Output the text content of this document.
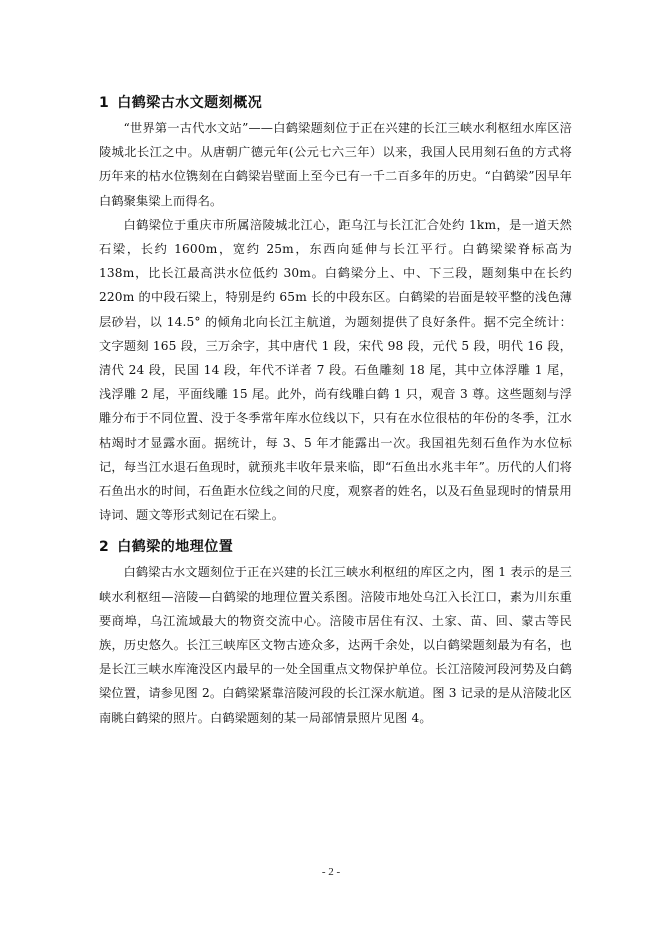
1 白鹤梁古水文题刻概况

“世界第一古代水文站”——白鹤梁题刻位于正在兴建的长江三峡水利枢纽水库区涪陵城北长江之中。从唐朝广德元年(公元七六三年）以来，我国人民用刻石鱼的方式将历年来的枯水位镌刻在白鹤梁岩壁面上至今已有一千二百多年的历史。“白鹤梁”因早年白鹤聚集梁上而得名。

白鹤梁位于重庆市所属涪陵城北江心，距乌江与长江汇合处约 1km，是一道天然石梁，长约 1600m，宽约 25m，东西向延伸与长江平行。白鹤梁梁脊标高为 138m，比长江最高洪水位低约 30m。白鹤梁分上、中、下三段，题刻集中在长约 220m 的中段石梁上，特别是约 65m 长的中段东区。白鹤梁的岩面是较平整的浅色薄层砂岩，以 14.5° 的倾角北向长江主航道，为题刻提供了良好条件。据不完全统计：文字题刻 165 段，三万余字，其中唐代 1 段，宋代 98 段，元代 5 段，明代 16 段，清代 24 段，民国 14 段，年代不详者 7 段。石鱼雕刻 18 尾，其中立体浮雕 1 尾，浅浮雕 2 尾，平面线雕 15 尾。此外，尚有线雕白鹤 1 只，观音 3 尊。这些题刻与浮雕分布于不同位置、没于冬季常年库水位线以下，只有在水位很枯的年份的冬季，江水枯竭时才显露水面。据统计，每 3、5 年才能露出一次。我国祖先刻石鱼作为水位标记，每当江水退石鱼现时，就预兆丰收年景来临，即“石鱼出水兆丰年”。历代的人们将石鱼出水的时间，石鱼距水位线之间的尺度，观察者的姓名，以及石鱼显现时的情景用诗词、题文等形式刻记在石梁上。

2 白鹤梁的地理位置

白鹤梁古水文题刻位于正在兴建的长江三峡水利枢纽的库区之内，图 1 表示的是三峡水利枢纽—涪陵—白鹤梁的地理位置关系图。涪陵市地处乌江入长江口，素为川东重要商埠，乌江流域最大的物资交流中心。涪陵市居住有汉、土家、苗、回、蒙古等民族，历史悠久。长江三峡库区文物古迹众多，达两千余处，以白鹤梁题刻最为有名，也是长江三峡水库淹没区内最早的一处全国重点文物保护单位。长江涪陵河段河势及白鹤梁位置，请参见图 2。白鹤梁紧靠涪陵河段的长江深水航道。图 3 记录的是从涪陵北区南眺白鹤梁的照片。白鹤梁题刻的某一局部情景照片见图 4。

- 2 -
